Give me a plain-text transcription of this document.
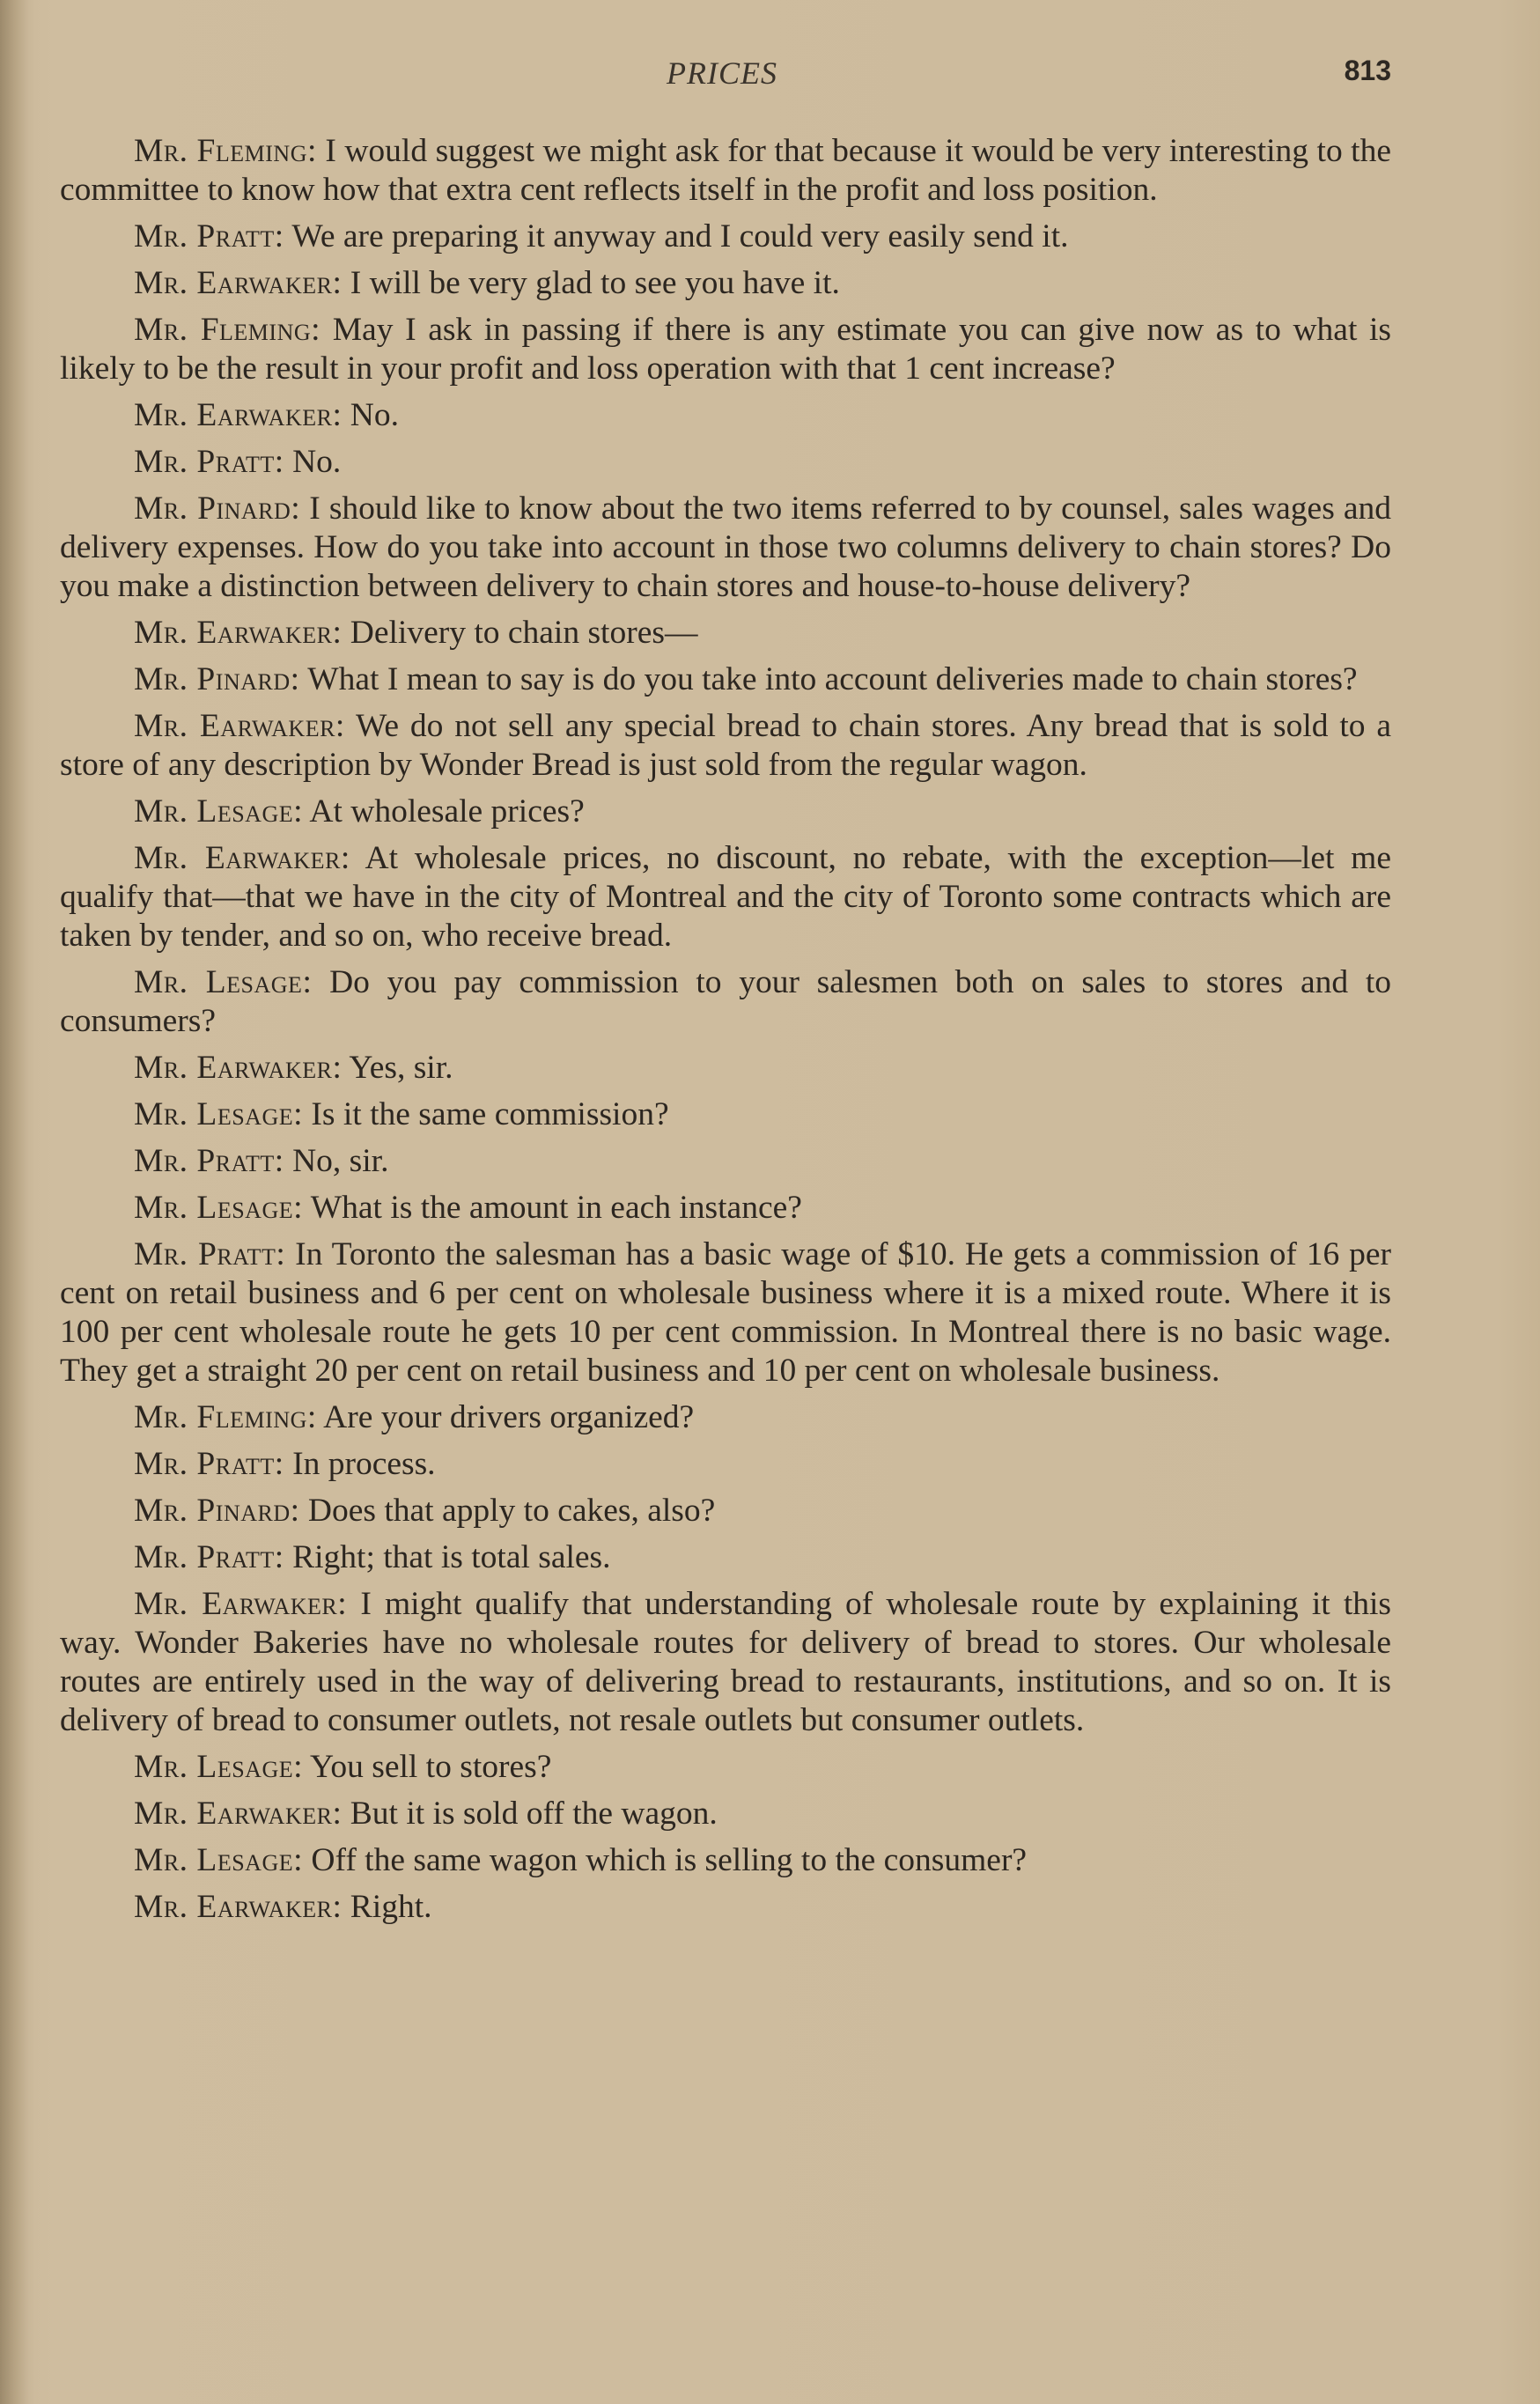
PRICES	813

Mr. Fleming: I would suggest we might ask for that because it would be very interesting to the committee to know how that extra cent reflects itself in the profit and loss position.

Mr. Pratt: We are preparing it anyway and I could very easily send it.

Mr. Earwaker: I will be very glad to see you have it.

Mr. Fleming: May I ask in passing if there is any estimate you can give now as to what is likely to be the result in your profit and loss operation with that 1 cent increase?

Mr. Earwaker: No.

Mr. Pratt: No.

Mr. Pinard: I should like to know about the two items referred to by counsel, sales wages and delivery expenses. How do you take into account in those two columns delivery to chain stores? Do you make a distinction between delivery to chain stores and house-to-house delivery?

Mr. Earwaker: Delivery to chain stores—

Mr. Pinard: What I mean to say is do you take into account deliveries made to chain stores?

Mr. Earwaker: We do not sell any special bread to chain stores. Any bread that is sold to a store of any description by Wonder Bread is just sold from the regular wagon.

Mr. Lesage: At wholesale prices?

Mr. Earwaker: At wholesale prices, no discount, no rebate, with the exception—let me qualify that—that we have in the city of Montreal and the city of Toronto some contracts which are taken by tender, and so on, who receive bread.

Mr. Lesage: Do you pay commission to your salesmen both on sales to stores and to consumers?

Mr. Earwaker: Yes, sir.

Mr. Lesage: Is it the same commission?

Mr. Pratt: No, sir.

Mr. Lesage: What is the amount in each instance?

Mr. Pratt: In Toronto the salesman has a basic wage of $10. He gets a commission of 16 per cent on retail business and 6 per cent on wholesale business where it is a mixed route. Where it is 100 per cent wholesale route he gets 10 per cent commission. In Montreal there is no basic wage. They get a straight 20 per cent on retail business and 10 per cent on wholesale business.

Mr. Fleming: Are your drivers organized?

Mr. Pratt: In process.

Mr. Pinard: Does that apply to cakes, also?

Mr. Pratt: Right; that is total sales.

Mr. Earwaker: I might qualify that understanding of wholesale route by explaining it this way. Wonder Bakeries have no wholesale routes for delivery of bread to stores. Our wholesale routes are entirely used in the way of delivering bread to restaurants, institutions, and so on. It is delivery of bread to consumer outlets, not resale outlets but consumer outlets.

Mr. Lesage: You sell to stores?

Mr. Earwaker: But it is sold off the wagon.

Mr. Lesage: Off the same wagon which is selling to the consumer?

Mr. Earwaker: Right.
